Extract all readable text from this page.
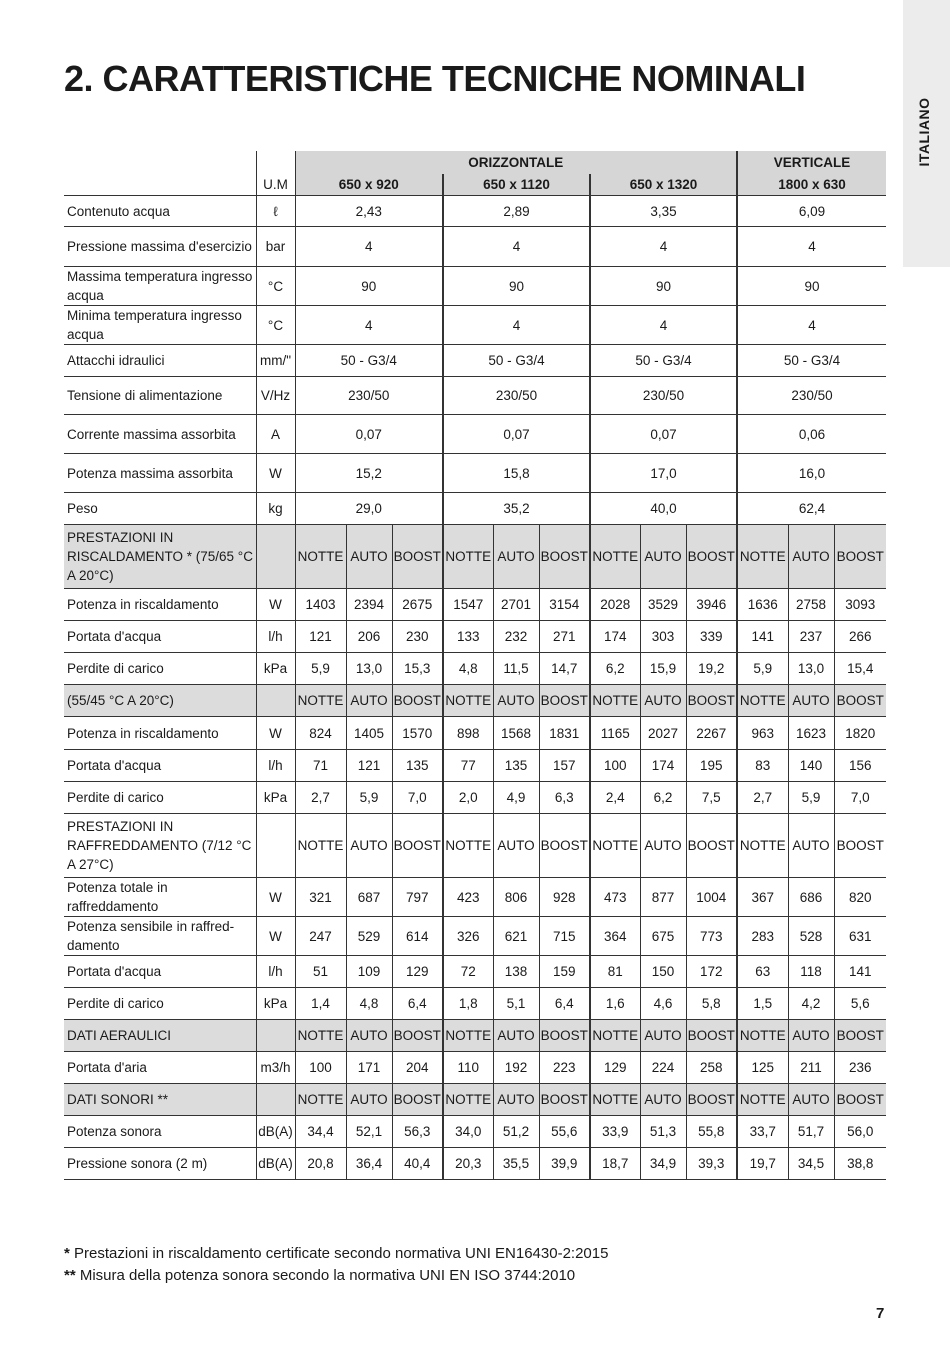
ITALIANO
2. CARATTERISTICHE TECNICHE NOMINALI
		ORIZZONTALE									VERTICALE		
	U.M	650 x 920			650 x 1120			650 x 1320			1800 x 630		
Contenuto acqua	ℓ	2,43			2,89			3,35			6,09		
Pressione massima d'esercizio	bar	4			4			4			4		
Massima temperatura ingresso acqua	°C	90			90			90			90		
Minima temperatura ingresso acqua	°C	4			4			4			4		
Attacchi idraulici	mm/"	50 - G3/4			50 - G3/4			50 - G3/4			50 - G3/4		
Tensione di alimentazione	V/Hz	230/50			230/50			230/50			230/50		
Corrente massima assorbita	A	0,07			0,07			0,07			0,06		
Potenza massima assorbita	W	15,2			15,8			17,0			16,0		
Peso	kg	29,0			35,2			40,0			62,4		
PRESTAZIONI IN RISCALDAMENTO * (75/65 °C A 20°C)		NOTTE	AUTO	BOOST	NOTTE	AUTO	BOOST	NOTTE	AUTO	BOOST	NOTTE	AUTO	BOOST
Potenza in riscaldamento	W	1403	2394	2675	1547	2701	3154	2028	3529	3946	1636	2758	3093
Portata d'acqua	l/h	121	206	230	133	232	271	174	303	339	141	237	266
Perdite di carico	kPa	5,9	13,0	15,3	4,8	11,5	14,7	6,2	15,9	19,2	5,9	13,0	15,4
(55/45 °C A 20°C)		NOTTE	AUTO	BOOST	NOTTE	AUTO	BOOST	NOTTE	AUTO	BOOST	NOTTE	AUTO	BOOST
Potenza in riscaldamento	W	824	1405	1570	898	1568	1831	1165	2027	2267	963	1623	1820
Portata d'acqua	l/h	71	121	135	77	135	157	100	174	195	83	140	156
Perdite di carico	kPa	2,7	5,9	7,0	2,0	4,9	6,3	2,4	6,2	7,5	2,7	5,9	7,0
PRESTAZIONI IN RAFFREDDAMENTO (7/12 °C A 27°C)		NOTTE	AUTO	BOOST	NOTTE	AUTO	BOOST	NOTTE	AUTO	BOOST	NOTTE	AUTO	BOOST
Potenza totale in raffreddamento	W	321	687	797	423	806	928	473	877	1004	367	686	820
Potenza sensibile in raffred-damento	W	247	529	614	326	621	715	364	675	773	283	528	631
Portata d'acqua	l/h	51	109	129	72	138	159	81	150	172	63	118	141
Perdite di carico	kPa	1,4	4,8	6,4	1,8	5,1	6,4	1,6	4,6	5,8	1,5	4,2	5,6
DATI AERAULICI		NOTTE	AUTO	BOOST	NOTTE	AUTO	BOOST	NOTTE	AUTO	BOOST	NOTTE	AUTO	BOOST
Portata d'aria	m3/h	100	171	204	110	192	223	129	224	258	125	211	236
DATI SONORI **		NOTTE	AUTO	BOOST	NOTTE	AUTO	BOOST	NOTTE	AUTO	BOOST	NOTTE	AUTO	BOOST
Potenza sonora	dB(A)	34,4	52,1	56,3	34,0	51,2	55,6	33,9	51,3	55,8	33,7	51,7	56,0
Pressione sonora (2 m)	dB(A)	20,8	36,4	40,4	20,3	35,5	39,9	18,7	34,9	39,3	19,7	34,5	38,8
* Prestazioni in riscaldamento certificate secondo normativa UNI EN16430-2:2015
** Misura della potenza sonora secondo la normativa UNI EN ISO 3744:2010
7
